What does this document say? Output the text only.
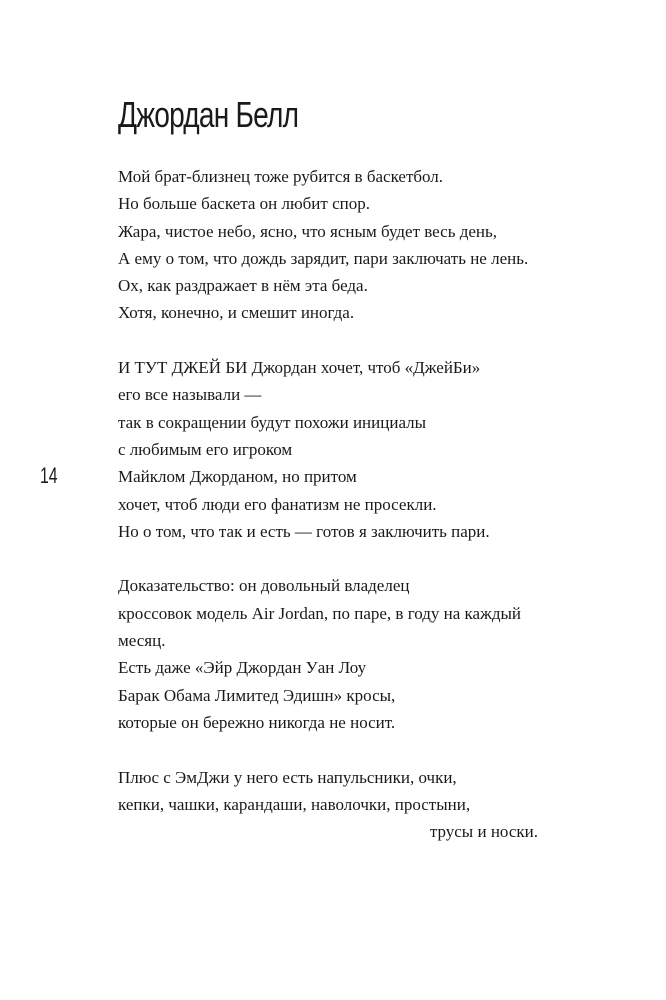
Джордан Белл
14

Мой брат-близнец тоже рубится в баскетбол.
Но больше баскета он любит спор.
Жара, чистое небо, ясно, что ясным будет весь день,
А ему о том, что дождь зарядит, пари заключать не лень.
Ох, как раздражает в нём эта беда.
Хотя, конечно, и смешит иногда.

И ТУТ ДЖЕЙ БИ Джордан хочет, чтоб «ДжейБи»
его все называли —
так в сокращении будут похожи инициалы
с любимым его игроком
Майклом Джорданом, но притом
хочет, чтоб люди его фанатизм не просекли.
Но о том, что так и есть — готов я заключить пари.

Доказательство: он довольный владелец
кроссовок модель Air Jordan, по паре, в году на каждый
месяц.
Есть даже «Эйр Джордан Уан Лоу
Барак Обама Лимитед Эдишн» кросы,
которые он бережно никогда не носит.

Плюс с ЭмДжи у него есть напульсники, очки,
кепки, чашки, карандаши, наволочки, простыни,
трусы и носки.
